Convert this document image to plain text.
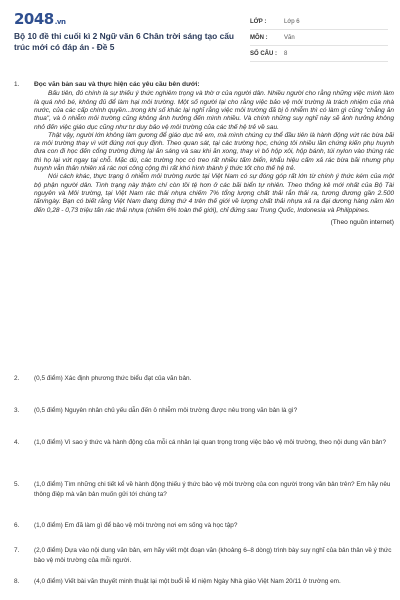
2048.vn
Bộ 10 đề thi cuối kì 2 Ngữ văn 6 Chân trời sáng tạo cấu trúc mới có đáp án - Đề 5
LỚP :	Lớp 6
MÔN :	Văn
SỐ CÂU :	8
1.	Đọc văn bản sau và thực hiện các yêu cầu bên dưới:

Bấu tiên, đó chính là sự thiếu ý thức nghiêm trọng và thờ ơ của người dân. Nhiều người cho rằng những việc mình làm là quá nhỏ bé, không đủ để làm hại môi trường. Một số người lại cho rằng việc bảo vệ môi trường là trách nhiệm của nhà nước, của các cấp chính quyền...trong khi số khác lại nghĩ rằng việc môi trường đã bị ô nhiễm thì có làm gì cũng "chẳng ăn thua", và ô nhiễm môi trường cũng không ảnh hưởng đến mình nhiều. Và chính những suy nghĩ này sẽ ảnh hưởng không nhỏ đến việc giáo dục cũng như tư duy bảo vệ môi trường của các thế hệ trẻ về sau.

Thật vậy, người lớn không làm gương để giáo dục trẻ em, mà mình chúng cụ thể đầu tiên là hành động vứt rác bừa bãi ra môi trường thay vì vứt đúng nơi quy định. Theo quan sát, tại các trường học, chúng tôi nhiều lần chứng kiến phụ huynh đưa con đi học đến cổng trường đứng lại ăn sáng và sau khi ăn xong, thay vì bỏ hộp xôi, hộp bánh, túi nylon vào thùng rác thì họ lại vứt ngay tại chỗ. Mặc dù, các trường học có treo rất nhiều tấm biển, khẩu hiệu cấm xả rác bừa bãi nhưng phụ huynh vẫn thản nhiên xả rác nơi công cộng thì rất khó hình thành ý thức tốt cho thế hệ trẻ.

Nói cách khác, thực trạng ô nhiễm môi trường nước tại Việt Nam có sự đóng góp rất lớn từ chính ý thức kém của một bộ phận người dân. Tình trạng này thậm chí còn tồi tệ hơn ở các bãi biển tự nhiên. Theo thống kê mới nhất của Bộ Tài nguyên và Môi trường, tại Việt Nam rác thải nhựa chiếm 7% tổng lượng chất thải rắn thải ra, tương đương gần 2.500 tấn/ngày. Bạn có biết rằng Việt Nam đang đứng thứ 4 trên thế giới về lượng chất thải nhựa xả ra đại dương hàng năm lên đến 0,28 - 0,73 triệu tấn rác thải nhựa (chiếm 6% toàn thế giới), chỉ đứng sau Trung Quốc, Indonesia và Philippines.

(Theo nguồn internet)
2.	(0,5 điểm) Xác định phương thức biểu đạt của văn bản.
3.	(0,5 điểm) Nguyên nhân chủ yếu dẫn đến ô nhiễm môi trường được nêu trong văn bản là gì?
4.	(1,0 điểm) Vì sao ý thức và hành động của mỗi cá nhân lại quan trọng trong việc bảo vệ môi trường, theo nội dung văn bản?
5.	(1,0 điểm) Tìm những chi tiết kể về hành động thiếu ý thức bảo vệ môi trường của con người trong văn bản trên? Em hãy nêu thông điệp mà văn bản muốn gửi tới chúng ta?
6.	(1,0 điểm) Em đã làm gì để bảo vệ môi trường nơi em sống và học tập?
7.	(2,0 điểm) Dựa vào nội dung văn bản, em hãy viết một đoạn văn (khoảng 6–8 dòng) trình bày suy nghĩ của bản thân về ý thức bảo vệ môi trường của mỗi người.
8.	(4,0 điểm) Viết bài văn thuyết minh thuật lại một buổi lễ kỉ niệm Ngày Nhà giáo Việt Nam 20/11 ở trường em.
